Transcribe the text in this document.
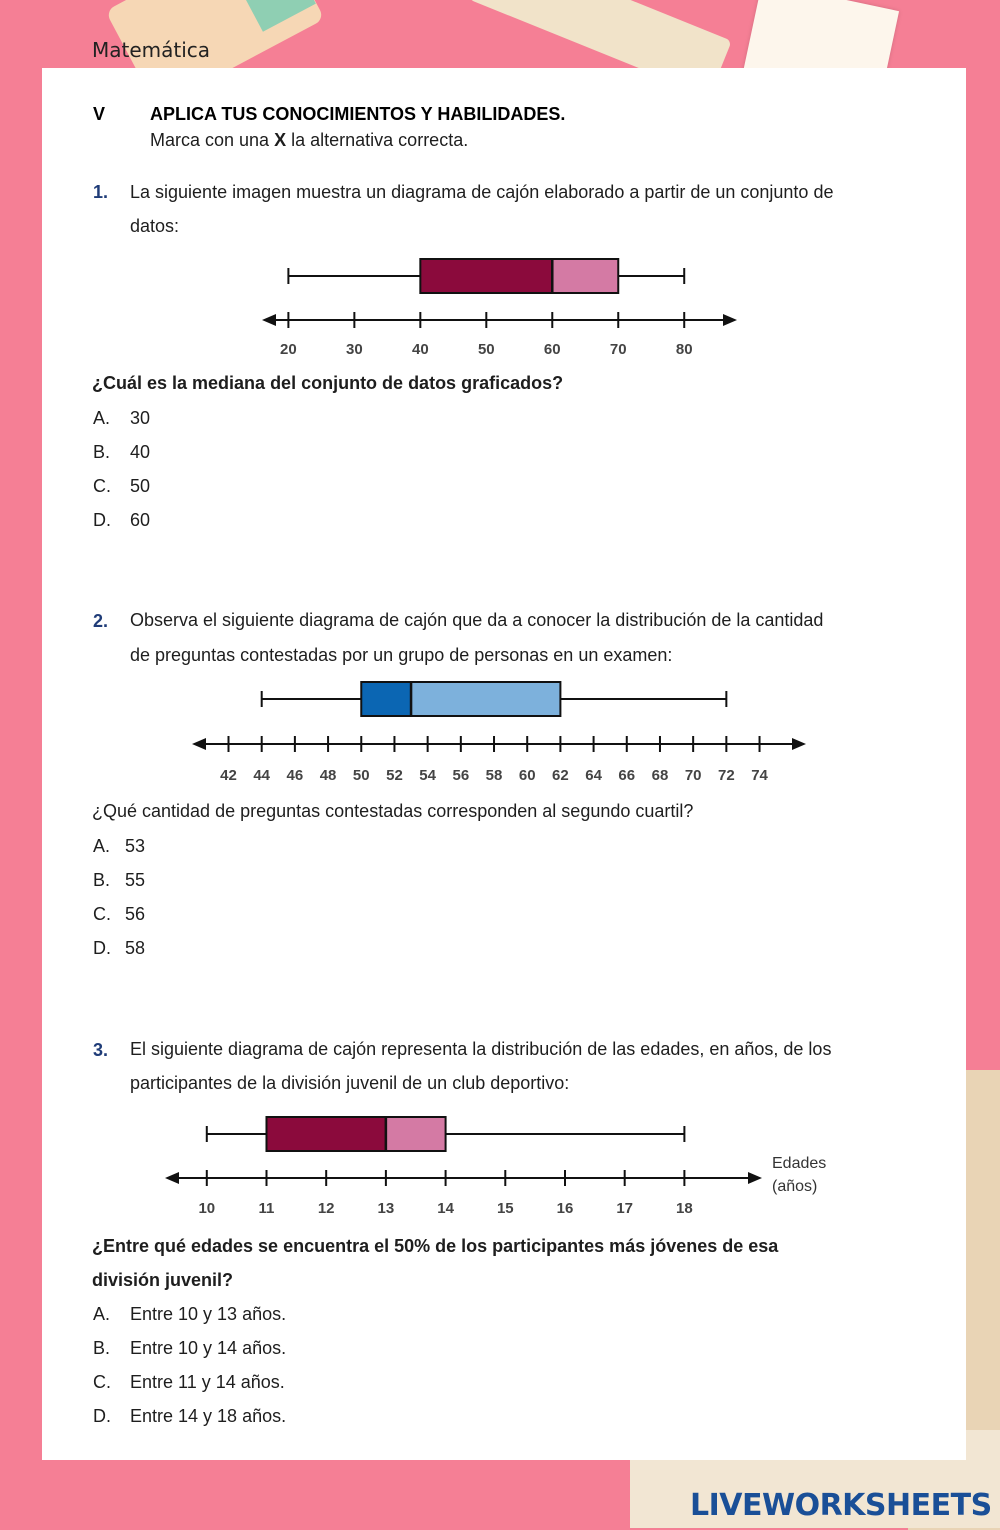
Matemática
V APLICA TUS CONOCIMIENTOS Y HABILIDADES.
Marca con una X la alternativa correcta.
1. La siguiente imagen muestra un diagrama de cajón elaborado a partir de un conjunto de
datos:
20	30	40	50	60	70	80
42 44 46 48 50 52 54 56 58 60 62 64 66 68 70 72 74
10	11	12	13	14	15	16	17	18
Edades
(años)
¿Cuál es la mediana del conjunto de datos graficados?
A. 30
B. 40
C. 50
D. 60
2. Observa el siguiente diagrama de cajón que da a conocer la distribución de la cantidad
de preguntas contestadas por un grupo de personas en un examen:
¿Qué cantidad de preguntas contestadas corresponden al segundo cuartil?
A. 53
B. 55
C. 56
D. 58
3. El siguiente diagrama de cajón representa la distribución de las edades, en años, de los
participantes de la división juvenil de un club deportivo:
¿Entre qué edades se encuentra el 50% de los participantes más jóvenes de esa
división juvenil?
A. Entre 10 y 13 años.
B. Entre 10 y 14 años.
C. Entre 11 y 14 años.
D. Entre 14 y 18 años.
LIVEWORKSHEETS
